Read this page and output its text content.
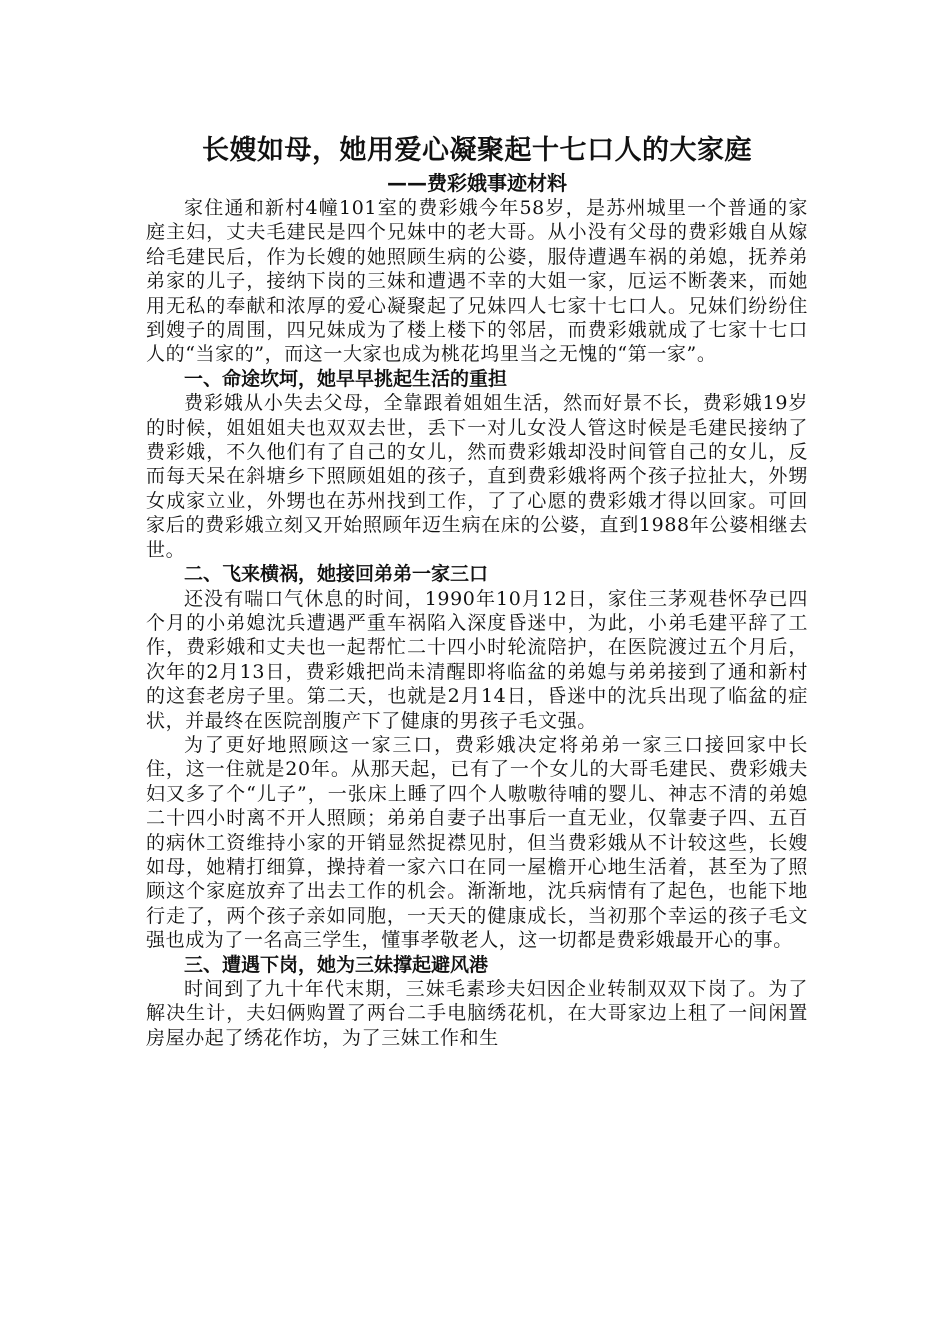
长嫂如母，她用爱心凝聚起十七口人的大家庭

——费彩娥事迹材料

家住通和新村4幢101室的费彩娥今年58岁，是苏州城里一个普通的家庭主妇，丈夫毛建民是四个兄妹中的老大哥。从小没有父母的费彩娥自从嫁给毛建民后，作为长嫂的她照顾生病的公婆，服侍遭遇车祸的弟媳，抚养弟弟家的儿子，接纳下岗的三妹和遭遇不幸的大姐一家，厄运不断袭来，而她用无私的奉献和浓厚的爱心凝聚起了兄妹四人七家十七口人。兄妹们纷纷住到嫂子的周围，四兄妹成为了楼上楼下的邻居，而费彩娥就成了七家十七口人的“当家的”，而这一大家也成为桃花坞里当之无愧的“第一家”。

一、命途坎坷，她早早挑起生活的重担

费彩娥从小失去父母，全靠跟着姐姐生活，然而好景不长，费彩娥19岁的时候，姐姐姐夫也双双去世，丢下一对儿女没人管这时候是毛建民接纳了费彩娥，不久他们有了自己的女儿，然而费彩娥却没时间管自己的女儿，反而每天呆在斜塘乡下照顾姐姐的孩子，直到费彩娥将两个孩子拉扯大，外甥女成家立业，外甥也在苏州找到工作，了了心愿的费彩娥才得以回家。可回家后的费彩娥立刻又开始照顾年迈生病在床的公婆，直到1988年公婆相继去世。

二、飞来横祸，她接回弟弟一家三口

还没有喘口气休息的时间，1990年10月12日，家住三茅观巷怀孕已四个月的小弟媳沈兵遭遇严重车祸陷入深度昏迷中，为此，小弟毛建平辞了工作，费彩娥和丈夫也一起帮忙二十四小时轮流陪护，在医院渡过五个月后，次年的2月13日，费彩娥把尚未清醒即将临盆的弟媳与弟弟接到了通和新村的这套老房子里。第二天，也就是2月14日，昏迷中的沈兵出现了临盆的症状，并最终在医院剖腹产下了健康的男孩子毛文强。

为了更好地照顾这一家三口，费彩娥决定将弟弟一家三口接回家中长住，这一住就是20年。从那天起，已有了一个女儿的大哥毛建民、费彩娥夫妇又多了个“儿子”，一张床上睡了四个人嗷嗷待哺的婴儿、神志不清的弟媳二十四小时离不开人照顾；弟弟自妻子出事后一直无业，仅靠妻子四、五百的病休工资维持小家的开销显然捉襟见肘，但当费彩娥从不计较这些，长嫂如母，她精打细算，操持着一家六口在同一屋檐开心地生活着，甚至为了照顾这个家庭放弃了出去工作的机会。渐渐地，沈兵病情有了起色，也能下地行走了，两个孩子亲如同胞，一天天的健康成长，当初那个幸运的孩子毛文强也成为了一名高三学生，懂事孝敬老人，这一切都是费彩娥最开心的事。

三、遭遇下岗，她为三妹撑起避风港

时间到了九十年代末期，三妹毛素珍夫妇因企业转制双双下岗了。为了解决生计，夫妇俩购置了两台二手电脑绣花机，在大哥家边上租了一间闲置房屋办起了绣花作坊，为了三妹工作和生
